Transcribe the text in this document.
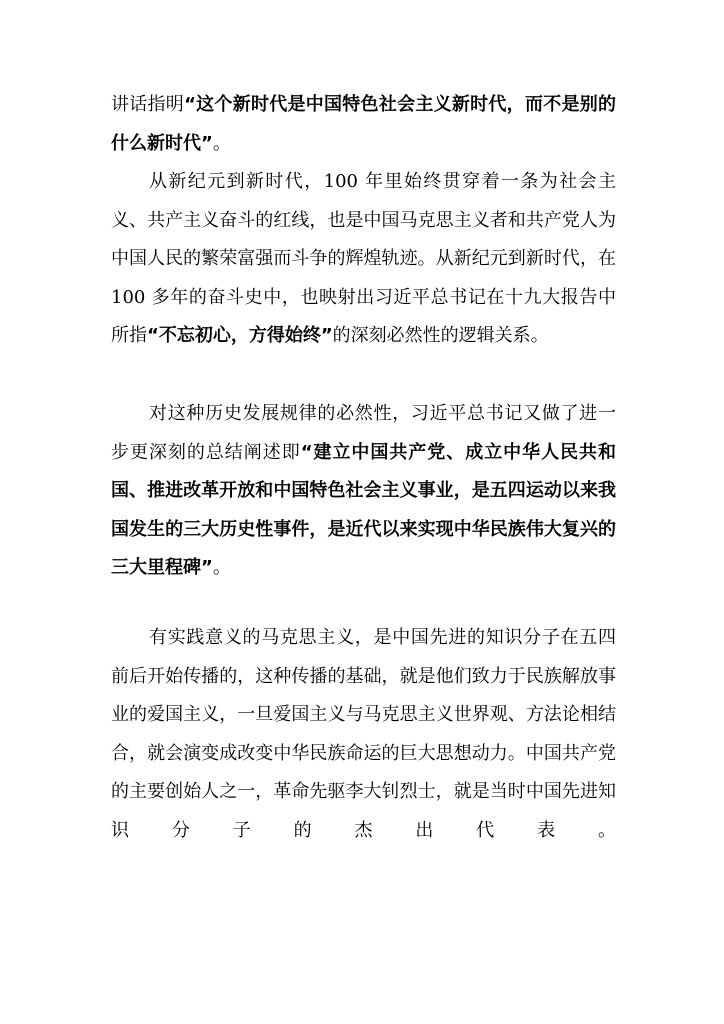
讲话指明“这个新时代是中国特色社会主义新时代，而不是别的什么新时代”。

从新纪元到新时代，100 年里始终贯穿着一条为社会主义、共产主义奋斗的红线，也是中国马克思主义者和共产党人为中国人民的繁荣富强而斗争的辉煌轨迹。从新纪元到新时代，在 100 多年的奋斗史中，也映射出习近平总书记在十九大报告中所指“不忘初心，方得始终”的深刻必然性的逻辑关系。

对这种历史发展规律的必然性，习近平总书记又做了进一步更深刻的总结阐述即“建立中国共产党、成立中华人民共和国、推进改革开放和中国特色社会主义事业，是五四运动以来我国发生的三大历史性事件，是近代以来实现中华民族伟大复兴的三大里程碑”。

有实践意义的马克思主义，是中国先进的知识分子在五四前后开始传播的，这种传播的基础，就是他们致力于民族解放事业的爱国主义，一旦爱国主义与马克思主义世界观、方法论相结合，就会演变成改变中华民族命运的巨大思想动力。中国共产党的主要创始人之一，革命先驱李大钊烈士，就是当时中国先进知识分子的杰出代表。
